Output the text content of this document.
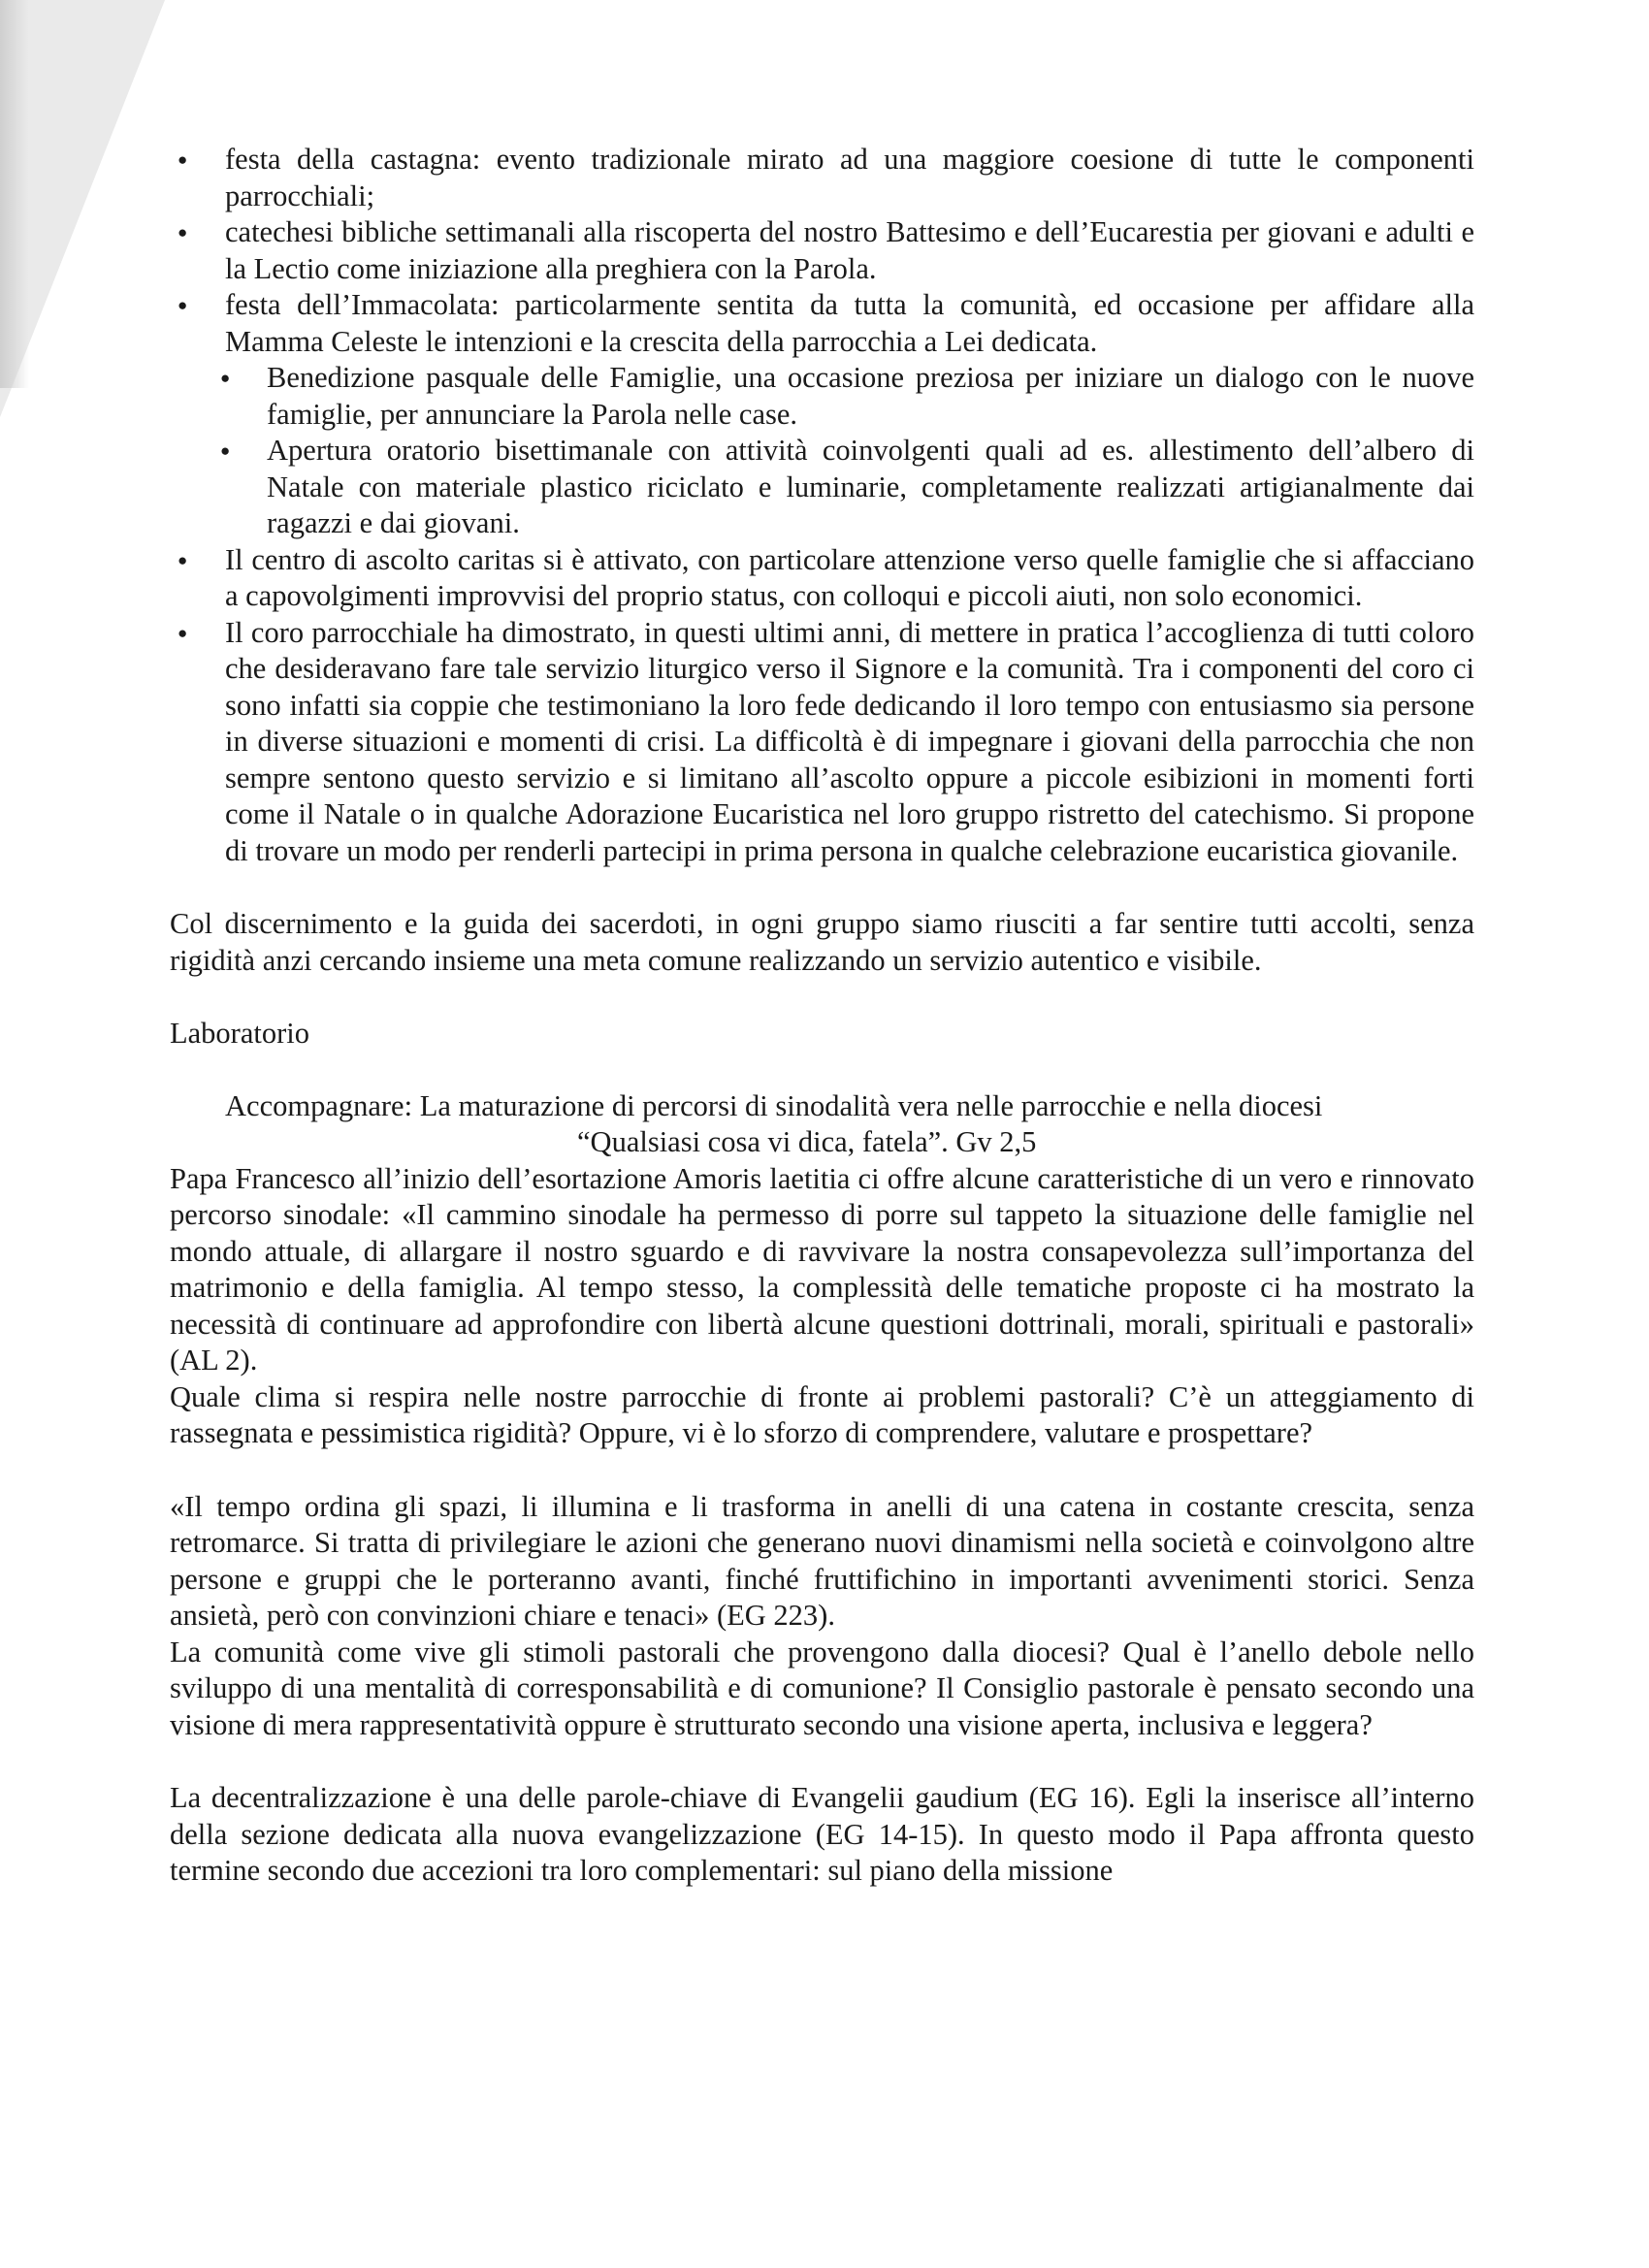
● festa della castagna: evento tradizionale mirato ad una maggiore coesione di tutte le componenti parrocchiali;
● catechesi bibliche settimanali alla riscoperta del nostro Battesimo e dell’Eucarestia per giovani e adulti e la Lectio come iniziazione alla preghiera con la Parola.
● festa dell’Immacolata: particolarmente sentita da tutta la comunità, ed occasione per affidare alla Mamma Celeste le intenzioni e la crescita della parrocchia a Lei dedicata.
● Benedizione pasquale delle Famiglie, una occasione preziosa per iniziare un dialogo con le nuove famiglie, per annunciare la Parola nelle case.
● Apertura oratorio bisettimanale con attività coinvolgenti quali ad es. allestimento dell’albero di Natale con materiale plastico riciclato e luminarie, completamente realizzati artigianalmente dai ragazzi e dai giovani.
● Il centro di ascolto caritas si è attivato, con particolare attenzione verso quelle famiglie che si affacciano a capovolgimenti improvvisi del proprio status, con colloqui e piccoli aiuti, non solo economici.
● Il coro parrocchiale ha dimostrato, in questi ultimi anni, di mettere in pratica l’accoglienza di tutti coloro che desideravano fare tale servizio liturgico verso il Signore e la comunità. Tra i componenti del coro ci sono infatti sia coppie che testimoniano la loro fede dedicando il loro tempo con entusiasmo sia persone in diverse situazioni e momenti di crisi. La difficoltà è di impegnare i giovani della parrocchia che non sempre sentono questo servizio e si limitano all’ascolto oppure a piccole esibizioni in momenti forti come il Natale o in qualche Adorazione Eucaristica nel loro gruppo ristretto del catechismo. Si propone di trovare un modo per renderli partecipi in prima persona in qualche celebrazione eucaristica giovanile.

Col discernimento e la guida dei sacerdoti, in ogni gruppo siamo riusciti a far sentire tutti accolti, senza rigidità anzi cercando insieme una meta comune realizzando un servizio autentico e visibile.

Laboratorio

Accompagnare: La maturazione di percorsi di sinodalità vera nelle parrocchie e nella diocesi

“Qualsiasi cosa vi dica, fatela”. Gv 2,5

Papa Francesco all’inizio dell’esortazione Amoris laetitia ci offre alcune caratteristiche di un vero e rinnovato percorso sinodale: «Il cammino sinodale ha permesso di porre sul tappeto la situazione delle famiglie nel mondo attuale, di allargare il nostro sguardo e di ravvivare la nostra consapevolezza sull’importanza del matrimonio e della famiglia. Al tempo stesso, la complessità delle tematiche proposte ci ha mostrato la necessità di continuare ad approfondire con libertà alcune questioni dottrinali, morali, spirituali e pastorali» (AL 2).

Quale clima si respira nelle nostre parrocchie di fronte ai problemi pastorali? C’è un atteggiamento di rassegnata e pessimistica rigidità? Oppure, vi è lo sforzo di comprendere, valutare e prospettare?

«Il tempo ordina gli spazi, li illumina e li trasforma in anelli di una catena in costante crescita, senza retromarce. Si tratta di privilegiare le azioni che generano nuovi dinamismi nella società e coinvolgono altre persone e gruppi che le porteranno avanti, finché fruttifichino in importanti avvenimenti storici. Senza ansietà, però con convinzioni chiare e tenaci» (EG 223).

La comunità come vive gli stimoli pastorali che provengono dalla diocesi? Qual è l’anello debole nello sviluppo di una mentalità di corresponsabilità e di comunione? Il Consiglio pastorale è pensato secondo una visione di mera rappresentatività oppure è strutturato secondo una visione aperta, inclusiva e leggera?

La decentralizzazione è una delle parole-chiave di Evangelii gaudium (EG 16). Egli la inserisce all’interno della sezione dedicata alla nuova evangelizzazione (EG 14-15). In questo modo il Papa affronta questo termine secondo due accezioni tra loro complementari: sul piano della missione
